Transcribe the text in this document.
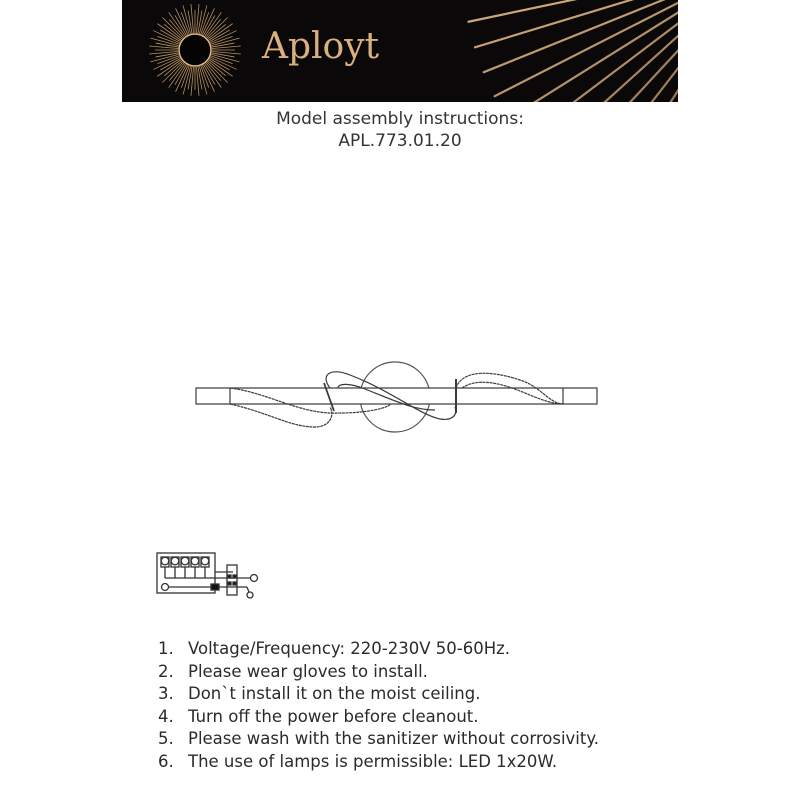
Aployt
Model assembly instructions:
APL.773.01.20
1. Voltage/Frequency: 220-230V 50-60Hz.
2. Please wear gloves to install.
3. Don`t install it on the moist ceiling.
4. Turn off the power before cleanout.
5. Please wash with the sanitizer without corrosivity.
6. The use of lamps is permissible: LED 1x20W.
